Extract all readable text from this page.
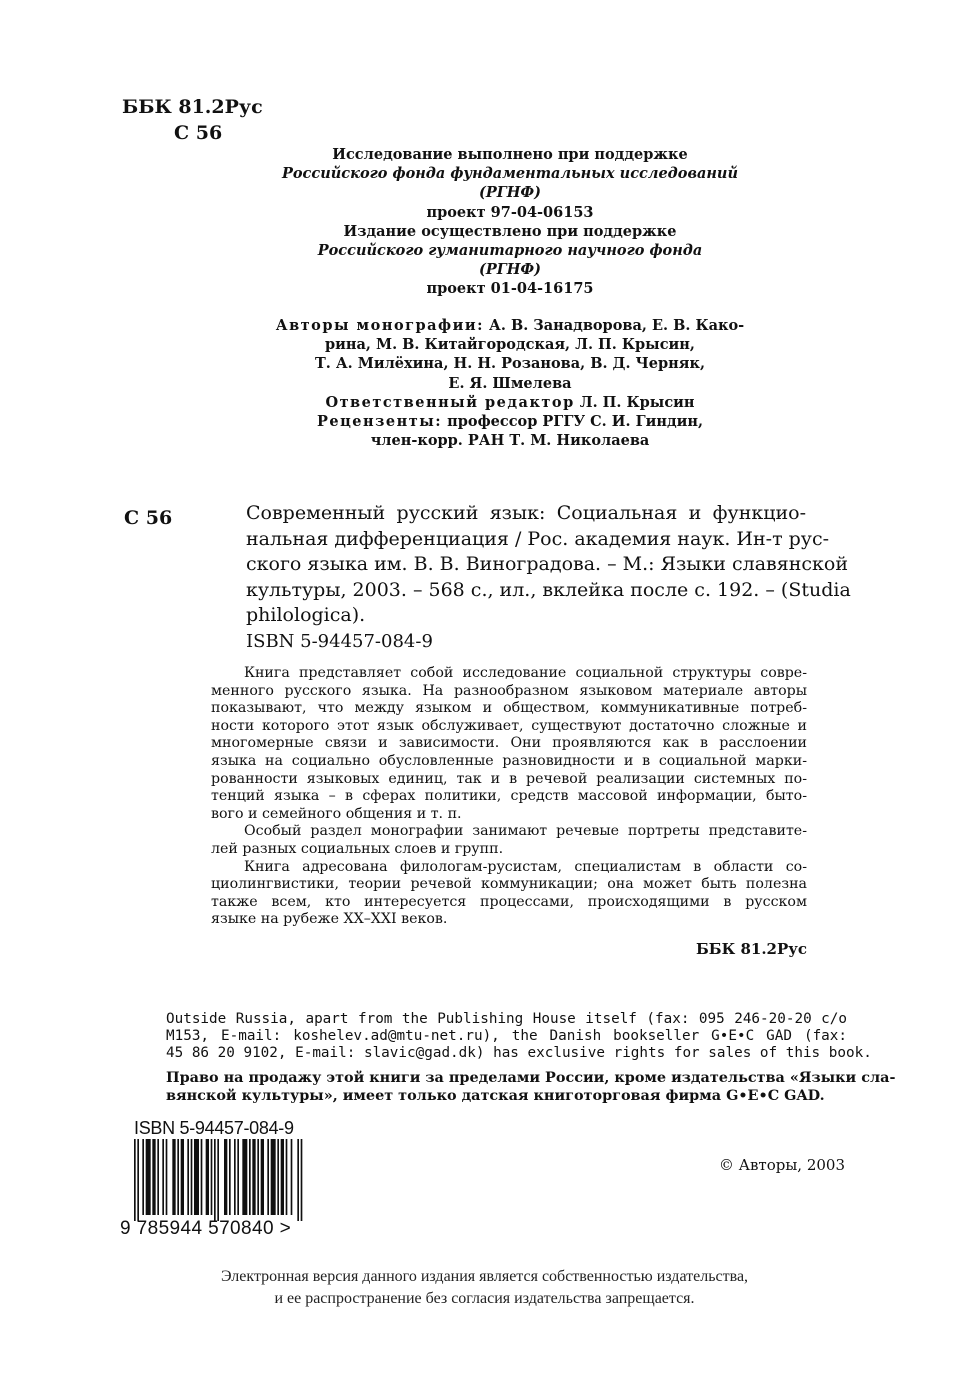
ББК 81.2Рус
С 56
Исследование выполнено при поддержке
Российского фонда фундаментальных исследований
(РГНФ)
проект 97-04-06153
Издание осуществлено при поддержке
Российского гуманитарного научного фонда
(РГНФ)
проект 01-04-16175
Авторы монографии: А. В. Занадворова, Е. В. Како-
рина, М. В. Китайгородская, Л. П. Крысин,
Т. А. Милёхина, Н. Н. Розанова, В. Д. Черняк,
Е. Я. Шмелева
Ответственный редактор Л. П. Крысин
Рецензенты: профессор РГГУ С. И. Гиндин,
член-корр. РАН Т. М. Николаева
С 56	Современный русский язык: Социальная и функцио-
нальная дифференциация / Рос. академия наук. Ин-т рус-
ского языка им. В. В. Виноградова. – М.: Языки славянской
культуры, 2003. – 568 с., ил., вклейка после с. 192. – (Studia
philologica).
ISBN 5-94457-084-9
Книга представляет собой исследование социальной структуры совре-
менного русского языка. На разнообразном языковом материале авторы
показывают, что между языком и обществом, коммуникативные потреб-
ности которого этот язык обслуживает, существуют достаточно сложные и
многомерные связи и зависимости. Они проявляются как в расслоении
языка на социально обусловленные разновидности и в социальной марки-
рованности языковых единиц, так и в речевой реализации системных по-
тенций языка – в сферах политики, средств массовой информации, быто-
вого и семейного общения и т. п.
Особый раздел монографии занимают речевые портреты представите-
лей разных социальных слоев и групп.
Книга адресована филологам-русистам, специалистам в области со-
циолингвистики, теории речевой коммуникации; она может быть полезна
также всем, кто интересуется процессами, происходящими в русском
языке на рубеже XX–XXI веков.
ББК 81.2Рус
Outside Russia, apart from the Publishing House itself (fax: 095 246-20-20 c/o
M153, E-mail: koshelev.ad@mtu-net.ru), the Danish bookseller G•E•C GAD (fax:
45 86 20 9102, E-mail: slavic@gad.dk) has exclusive rights for sales of this book.
Право на продажу этой книги за пределами России, кроме издательства «Языки сла-
вянской культуры», имеет только датская книготорговая фирма G•E•C GAD.
ISBN 5-94457-084-9
9 785944 570840 >
© Авторы, 2003
Электронная версия данного издания является собственностью издательства,
и ее распространение без согласия издательства запрещается.
